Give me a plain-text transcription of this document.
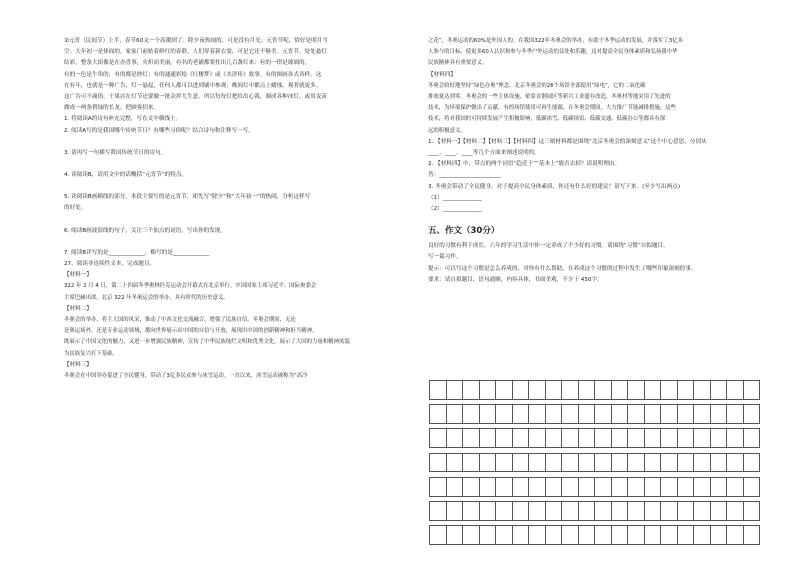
②元宵（民间节）上半，春节60又一个高潮到了。除夕夜热闹的，可是没有月光；元宵节呢，恰好是明月当

空。大年初一是体面的，家家门前贴着鲜红的春联，人们穿着新衣裳，可是它还不够美。元宵节，处处悬灯

结彩，整条大街像是在办喜事，火炽而美丽。有名的老铺都要挂出几百盏灯来：有的一律是玻璃的，

有的一色是牛角的，有的都是纱灯；有的通通彩绘《红楼梦》或《水浒传》故事。有的图画各式各样。这

在有年，也就是一种广告，灯一悬起，任何人都可以进到铺中参观；晚间灯中都点上蜡烛，观者就更多。

这广告可不庸俗，干果店在灯节还要做一批杂拌儿生意，所以每每灯把给出心裁，制成各种冰灯，或用麦苗

做成一两条碧绿的长龙，把顾客招来。

1. 将阅读A的诗句补充完整，写在文中横线上。

2. 阅读A写的是我国哪个传统节日？有哪些习俗呢？结合诗句和注释写一写。

3. 请再写一句描写我国传统节日的诗句。

4. 读阅读B，请用文中的话概括“元宵节”的特点。

5. 读阅读B画横线的部分，本段主要写的是元宵节，却先写“除夕”和“大年初一”的热闹，分析这样写

的好处。

6. 阅读B画波浪线的句子，关注三个加点的词语，写出你的发现。

7. 阅读B详写的是_____________，略写的是_____________

27、阅读非连续性文本，完成题目。

【材料一】

322 年 2 月 4 日，第二十四届冬季奥林匹克运动会开幕式在北京举行。中国国家主席习近平、国际奥委会

主席巴赫出席。北京 322 年冬奥运会的举办，具有时代的历史意义。

【材料二】

冬奥会的举办，将主大国的风采，推动了中西文化交流融合，增强了民族自信。冬奥会期间，无论

是奥运场外，还是专业运动领域，都向世界展示出中国的自信与开放，展现出中国的创新精神和担当精神。

既展示了中国文化的魅力，又进一步增强民族精神，宣传了中华民族灿烂文明和优秀文化，展示了大国的力量和精神风貌

为民族复兴打下基础。

【材料三】

冬奥会在中国举办促进了全民健身，带动了3亿多民众参与冰雪运动。一直以来，冰雪运动被称为“高冷

之花”，冬奥运动的60%是外国人的。在我国322年冬奥会的举办，有助于冬季运动的发展，并落实了3亿多

人参与的目标。使更多60人认识和参与冬季户外运动的益处和乐趣，这对提高全民身体素质和弘扬我中华

民族精神具有重要意义。

【材料四】

冬奥会较好地坚持“绿色办奥”理念，北京冬奥会的26个场馆全部使用“绿电”，它的二氧化碳

排放量达到零。冬奥会的一些主体设施，依靠首钢园区等新兴工业遗存改造，冬奥村等地采用了先进的

技术，为环境保护做出了贡献。有的场馆使用可再生能源，在冬奥会期间，大力推广节能减排措施，这些

技术，将对我国的可持续发展产生积极影响，低碳冰雪、低碳场馆、低碳交通、低碳办公等都具有深

远的积极意义。

1. 【材料一】【材料二】【材料三】【材料四】这三则材料都是围绕“北京冬奥会的深刻意义”这个中心意思，分别从

____、____、____等几个方面来阐述说明的。

2. 【材料四】中，带点的两个词语“趋近于”“基本上”能否去掉？请说明理由。

答：______________________

3. 冬奥会带动了全民健身，对于提高全民身体素质，你还有什么好的建议？请写下来。(至少写出两点)

（1）______________

（2）______________

五、作文（30分）

良好的习惯有利于成长。六年的学习生活中你一定养成了不少好的习惯。请围绕“习惯”自拟题目，

写一篇习作。

提示：可以写这个习惯是怎么养成的，对你有什么帮助，在养成这个习惯的过程中发生了哪些印象深刻的事。

要求：请自拟题目，语句通顺，内容具体，书面美观，不少于 450字。
